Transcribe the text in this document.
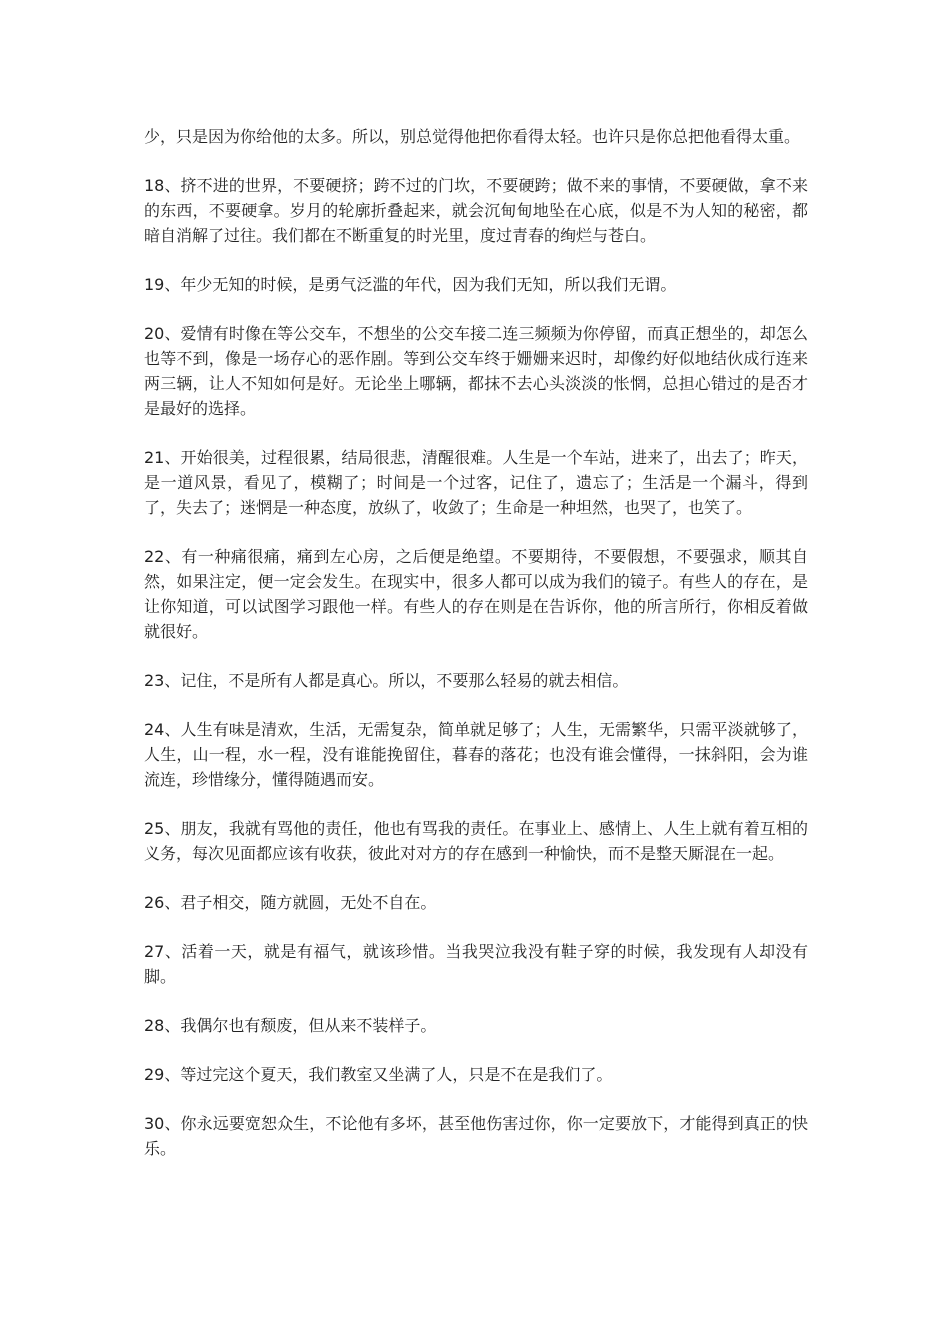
少，只是因为你给他的太多。所以，别总觉得他把你看得太轻。也许只是你总把他看得太重。

18、挤不进的世界，不要硬挤；跨不过的门坎，不要硬跨；做不来的事情，不要硬做，拿不来的东西，不要硬拿。岁月的轮廓折叠起来，就会沉甸甸地坠在心底，似是不为人知的秘密，都暗自消解了过往。我们都在不断重复的时光里，度过青春的绚烂与苍白。

19、年少无知的时候，是勇气泛滥的年代，因为我们无知，所以我们无谓。

20、爱情有时像在等公交车，不想坐的公交车接二连三频频为你停留，而真正想坐的，却怎么也等不到，像是一场存心的恶作剧。等到公交车终于姗姗来迟时，却像约好似地结伙成行连来两三辆，让人不知如何是好。无论坐上哪辆，都抹不去心头淡淡的怅惘，总担心错过的是否才是最好的选择。

21、开始很美，过程很累，结局很悲，清醒很难。人生是一个车站，进来了，出去了；昨天，是一道风景，看见了，模糊了；时间是一个过客，记住了，遗忘了；生活是一个漏斗，得到了，失去了；迷惘是一种态度，放纵了，收敛了；生命是一种坦然，也哭了，也笑了。

22、有一种痛很痛，痛到左心房，之后便是绝望。不要期待，不要假想，不要强求，顺其自然，如果注定，便一定会发生。在现实中，很多人都可以成为我们的镜子。有些人的存在，是让你知道，可以试图学习跟他一样。有些人的存在则是在告诉你，他的所言所行，你相反着做就很好。

23、记住，不是所有人都是真心。所以，不要那么轻易的就去相信。

24、人生有味是清欢，生活，无需复杂，简单就足够了；人生，无需繁华，只需平淡就够了，人生，山一程，水一程，没有谁能挽留住，暮春的落花；也没有谁会懂得，一抹斜阳，会为谁流连，珍惜缘分，懂得随遇而安。

25、朋友，我就有骂他的责任，他也有骂我的责任。在事业上、感情上、人生上就有着互相的义务，每次见面都应该有收获，彼此对对方的存在感到一种愉快，而不是整天厮混在一起。

26、君子相交，随方就圆，无处不自在。

27、活着一天，就是有福气，就该珍惜。当我哭泣我没有鞋子穿的时候，我发现有人却没有脚。

28、我偶尔也有颓废，但从来不装样子。

29、等过完这个夏天，我们教室又坐满了人，只是不在是我们了。

30、你永远要宽恕众生，不论他有多坏，甚至他伤害过你，你一定要放下，才能得到真正的快乐。
